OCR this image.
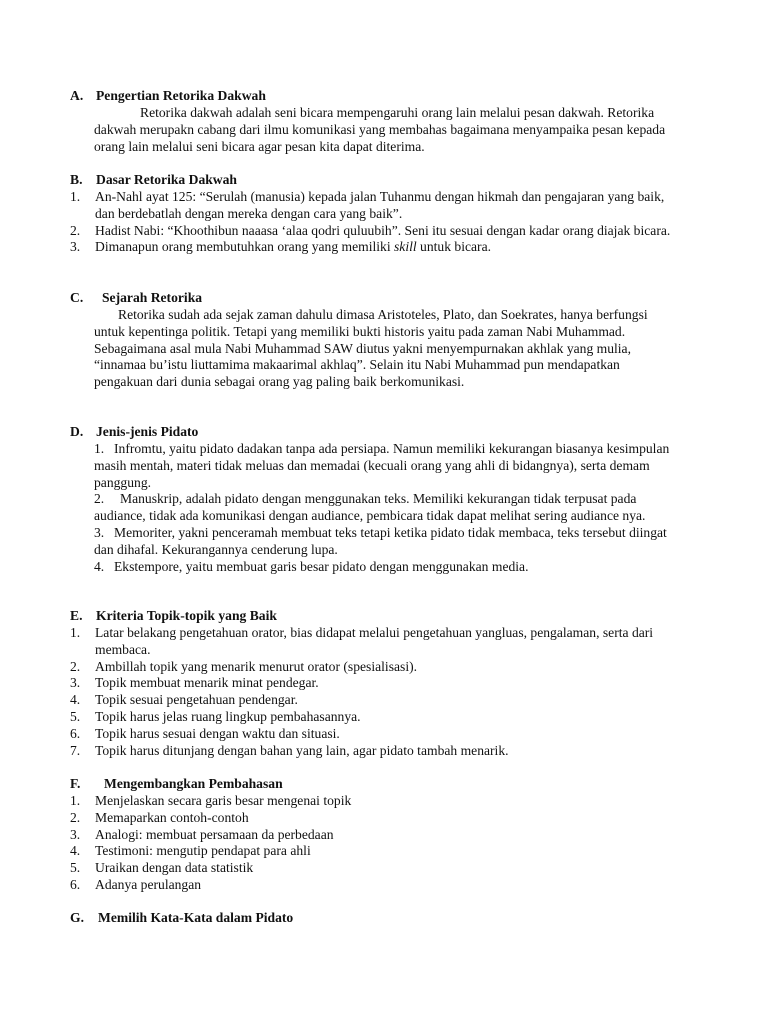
A. Pengertian Retorika Dakwah

Retorika dakwah adalah seni bicara mempengaruhi orang lain melalui pesan dakwah. Retorika dakwah merupakn cabang dari ilmu komunikasi yang membahas bagaimana menyampaika pesan kepada orang lain melalui seni bicara agar pesan kita dapat diterima.

B. Dasar Retorika Dakwah
1. An-Nahl ayat 125: “Serulah (manusia) kepada jalan Tuhanmu dengan hikmah dan pengajaran yang baik, dan berdebatlah dengan mereka dengan cara yang baik”.
2. Hadist Nabi: “Khoothibun naaasa ‘alaa qodri quluubih”. Seni itu sesuai dengan kadar orang diajak bicara.
3. Dimanapun orang membutuhkan orang yang memiliki skill untuk bicara.
C. Sejarah Retorika

Retorika sudah ada sejak zaman dahulu dimasa Aristoteles, Plato, dan Soekrates, hanya berfungsi untuk kepentinga politik. Tetapi yang memiliki bukti historis yaitu pada zaman Nabi Muhammad. Sebagaimana asal mula Nabi Muhammad SAW diutus yakni menyempurnakan akhlak yang mulia, “innamaa bu’istu liuttamima makaarimal akhlaq”. Selain itu Nabi Muhammad pun mendapatkan pengakuan dari dunia sebagai orang yag paling baik berkomunikasi.

D. Jenis-jenis Pidato
1. Infromtu, yaitu pidato dadakan tanpa ada persiapa. Namun memiliki kekurangan biasanya kesimpulan masih mentah, materi tidak meluas dan memadai (kecuali orang yang ahli di bidangnya), serta demam panggung.
2. Manuskrip, adalah pidato dengan menggunakan teks. Memiliki kekurangan tidak terpusat pada audiance, tidak ada komunikasi dengan audiance, pembicara tidak dapat melihat sering audiance nya.
3. Memoriter, yakni penceramah membuat teks tetapi ketika pidato tidak membaca, teks tersebut diingat dan dihafal. Kekurangannya cenderung lupa.
4. Ekstempore, yaitu membuat garis besar pidato dengan menggunakan media.
E. Kriteria Topik-topik yang Baik
1. Latar belakang pengetahuan orator, bias didapat melalui pengetahuan yangluas, pengalaman, serta dari membaca.
2. Ambillah topik yang menarik menurut orator (spesialisasi).
3. Topik membuat menarik minat pendegar.
4. Topik sesuai pengetahuan pendengar.
5. Topik harus jelas ruang lingkup pembahasannya.
6. Topik harus sesuai dengan waktu dan situasi.
7. Topik harus ditunjang dengan bahan yang lain, agar pidato tambah menarik.
F. Mengembangkan Pembahasan
1. Menjelaskan secara garis besar mengenai topik
2. Memaparkan contoh-contoh
3. Analogi: membuat persamaan da perbedaan
4. Testimoni: mengutip pendapat para ahli
5. Uraikan dengan data statistik
6. Adanya perulangan
G. Memilih Kata-Kata dalam Pidato
